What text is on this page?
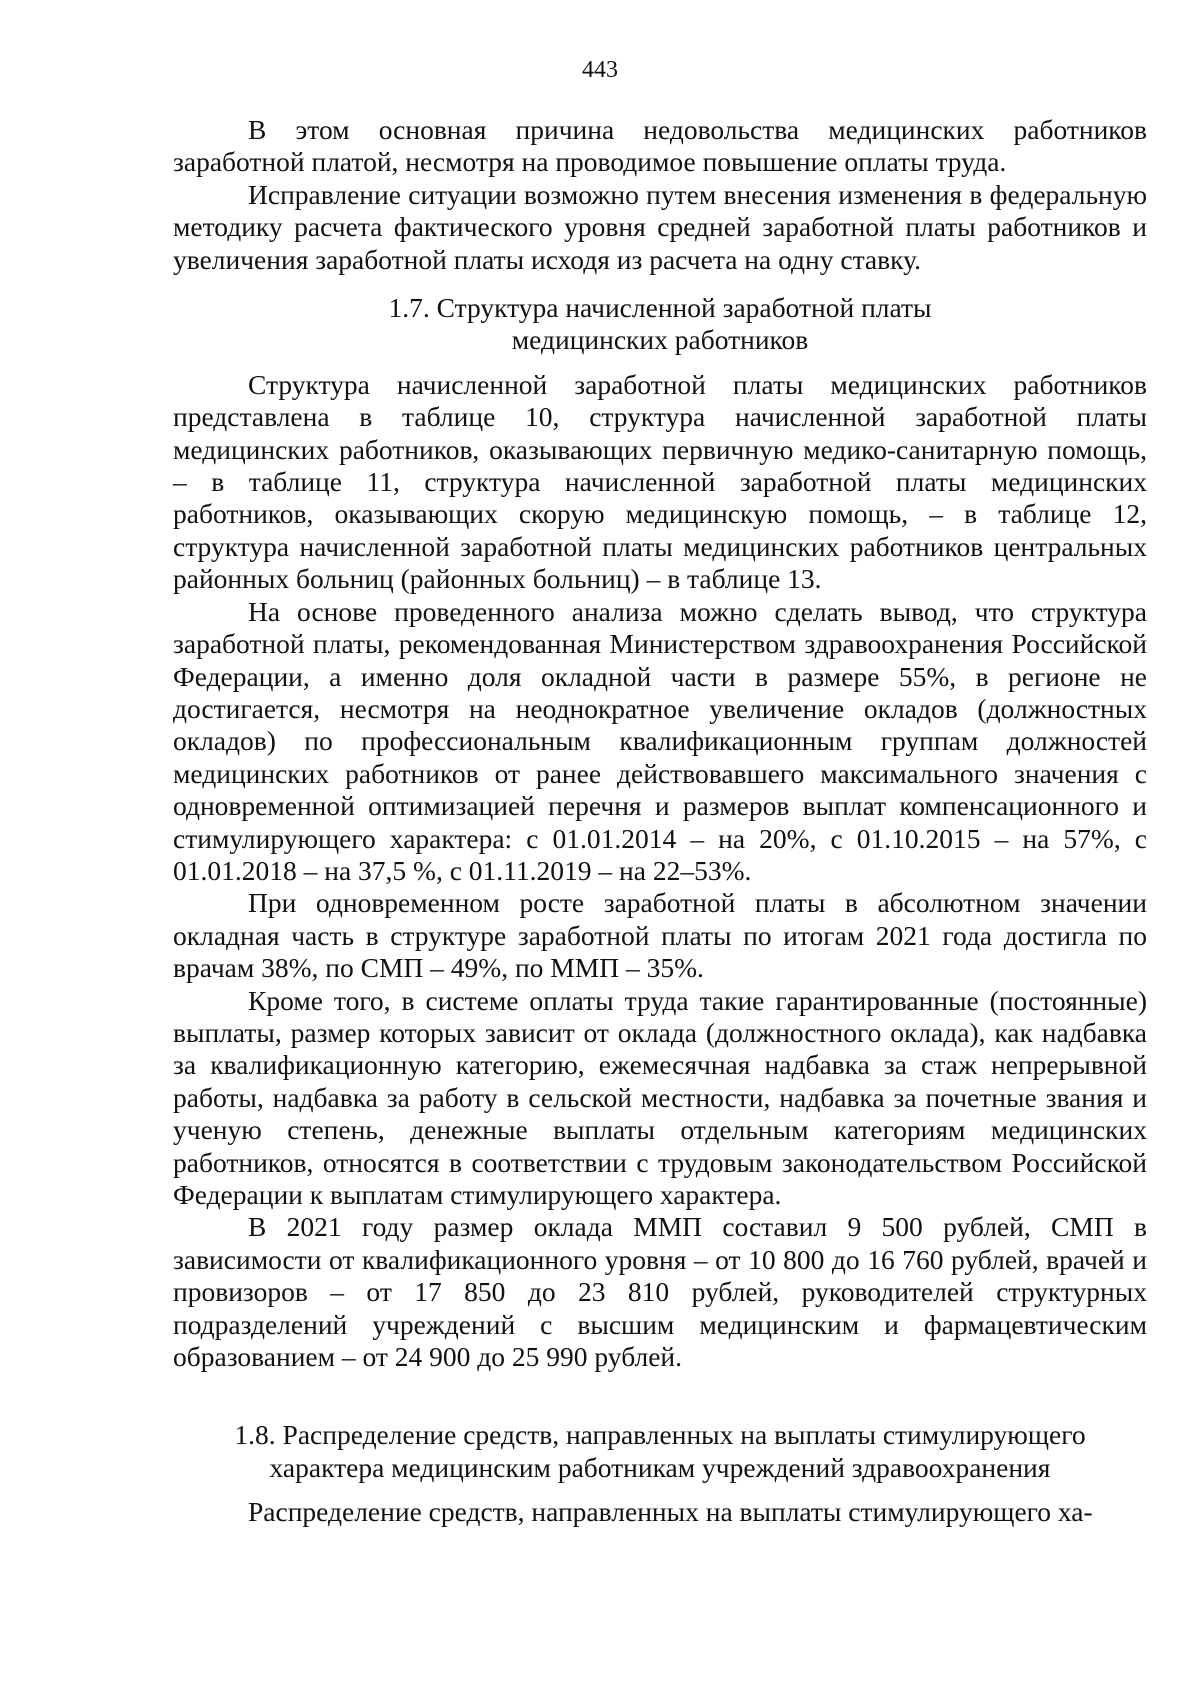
443

В этом основная причина недовольства медицинских работников заработной платой, несмотря на проводимое повышение оплаты труда.

Исправление ситуации возможно путем внесения изменения в федеральную методику расчета фактического уровня средней заработной платы работников и увеличения заработной платы исходя из расчета на одну ставку.

1.7. Структура начисленной заработной платы
медицинских работников

Структура начисленной заработной платы медицинских работников представлена в таблице 10, структура начисленной заработной платы медицинских работников, оказывающих первичную медико-санитарную помощь, – в таблице 11, структура начисленной заработной платы медицинских работников, оказывающих скорую медицинскую помощь, – в таблице 12, структура начисленной заработной платы медицинских работников центральных районных больниц (районных больниц) – в таблице 13.

На основе проведенного анализа можно сделать вывод, что структура заработной платы, рекомендованная Министерством здравоохранения Российской Федерации, а именно доля окладной части в размере 55%, в регионе не достигается, несмотря на неоднократное увеличение окладов (должностных окладов) по профессиональным квалификационным группам должностей медицинских работников от ранее действовавшего максимального значения с одновременной оптимизацией перечня и размеров выплат компенсационного и стимулирующего характера: с 01.01.2014 – на 20%, с 01.10.2015 – на 57%, с 01.01.2018 – на 37,5 %, с 01.11.2019 – на 22–53%.

При одновременном росте заработной платы в абсолютном значении окладная часть в структуре заработной платы по итогам 2021 года достигла по врачам 38%, по СМП – 49%, по ММП – 35%.

Кроме того, в системе оплаты труда такие гарантированные (постоянные) выплаты, размер которых зависит от оклада (должностного оклада), как надбавка за квалификационную категорию, ежемесячная надбавка за стаж непрерывной работы, надбавка за работу в сельской местности, надбавка за почетные звания и ученую степень, денежные выплаты отдельным категориям медицинских работников, относятся в соответствии с трудовым законодательством Российской Федерации к выплатам стимулирующего характера.

В 2021 году размер оклада ММП составил 9 500 рублей, СМП в зависимости от квалификационного уровня – от 10 800 до 16 760 рублей, врачей и провизоров – от 17 850 до 23 810 рублей, руководителей структурных подразделений учреждений с высшим медицинским и фармацевтическим образованием – от 24 900 до 25 990 рублей.

1.8. Распределение средств, направленных на выплаты стимулирующего
характера медицинским работникам учреждений здравоохранения

Распределение средств, направленных на выплаты стимулирующего ха-
